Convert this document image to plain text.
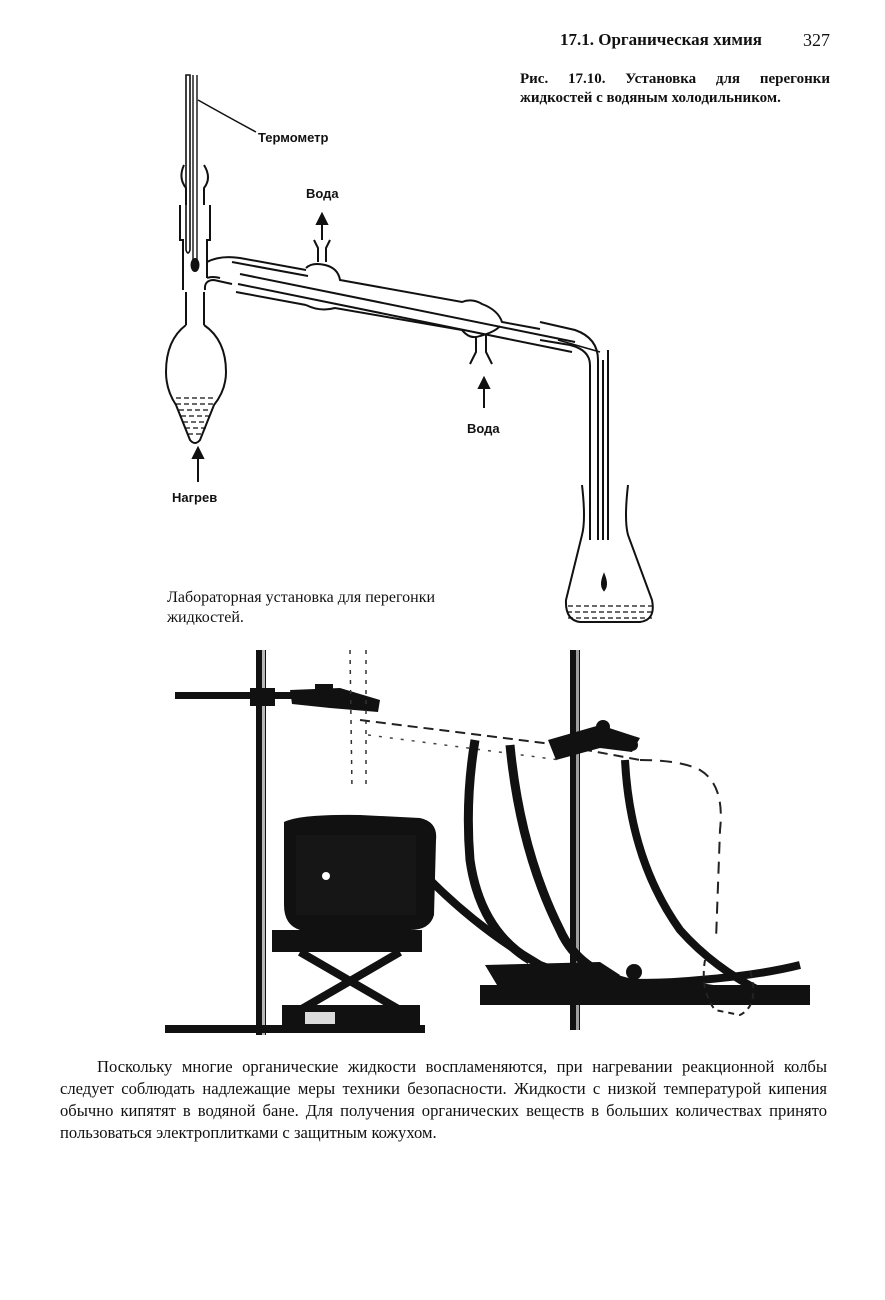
17.1. Органическая химия 327
Рис. 17.10. Установка для перегонки жидкостей с водяным холодильником.
Термометр
Вода
Вода
Нагрев
Лабораторная установка для перегонки жидкостей.

Поскольку многие органические жидкости воспламеняются, при нагревании реакционной колбы следует соблюдать надлежащие меры техники безопасности. Жидкости с низкой температурой кипения обычно кипятят в водяной бане. Для получения органических веществ в больших количествах принято пользоваться электроплитками с защитным кожухом.
